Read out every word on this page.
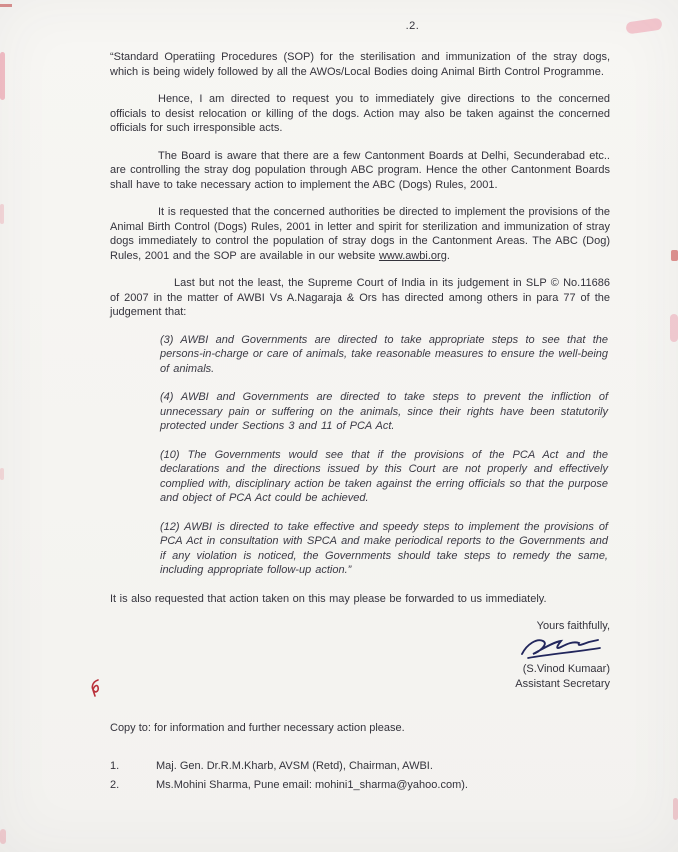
.2.

“Standard Operatiing Procedures (SOP) for the sterilisation and immunization of the stray dogs, which is being widely followed by all the AWOs/Local Bodies doing Animal Birth Control Programme.

Hence, I am directed to request you to immediately give directions to the concerned officials to desist relocation or killing of the dogs. Action may also be taken against the concerned officials for such irresponsible acts.

The Board is aware that there are a few Cantonment Boards at Delhi, Secunderabad etc.. are controlling the stray dog population through ABC program. Hence the other Cantonment Boards shall have to take necessary action to implement the ABC (Dogs) Rules, 2001.

It is requested that the concerned authorities be directed to implement the provisions of the Animal Birth Control (Dogs) Rules, 2001 in letter and spirit for sterilization and immunization of stray dogs immediately to control the population of stray dogs in the Cantonment Areas. The ABC (Dog) Rules, 2001 and the SOP are available in our website www.awbi.org.

Last but not the least, the Supreme Court of India in its judgement in SLP © No.11686 of 2007 in the matter of AWBI Vs A.Nagaraja & Ors has directed among others in para 77 of the judgement that:

(3) AWBI and Governments are directed to take appropriate steps to see that the persons-in-charge or care of animals, take reasonable measures to ensure the well-being of animals.

(4) AWBI and Governments are directed to take steps to prevent the infliction of unnecessary pain or suffering on the animals, since their rights have been statutorily protected under Sections 3 and 11 of PCA Act.

(10) The Governments would see that if the provisions of the PCA Act and the declarations and the directions issued by this Court are not properly and effectively complied with, disciplinary action be taken against the erring officials so that the purpose and object of PCA Act could be achieved.

(12) AWBI is directed to take effective and speedy steps to implement the provisions of PCA Act in consultation with SPCA and make periodical reports to the Governments and if any violation is noticed, the Governments should take steps to remedy the same, including appropriate follow-up action.”

It is also requested that action taken on this may please be forwarded to us immediately.

Yours faithfully,
(S.Vinod Kumaar)
Assistant Secretary
Copy to: for information and further necessary action please.
1.	Maj. Gen. Dr.R.M.Kharb, AVSM (Retd), Chairman, AWBI.
2.	Ms.Mohini Sharma, Pune email: mohini1_sharma@yahoo.com).
